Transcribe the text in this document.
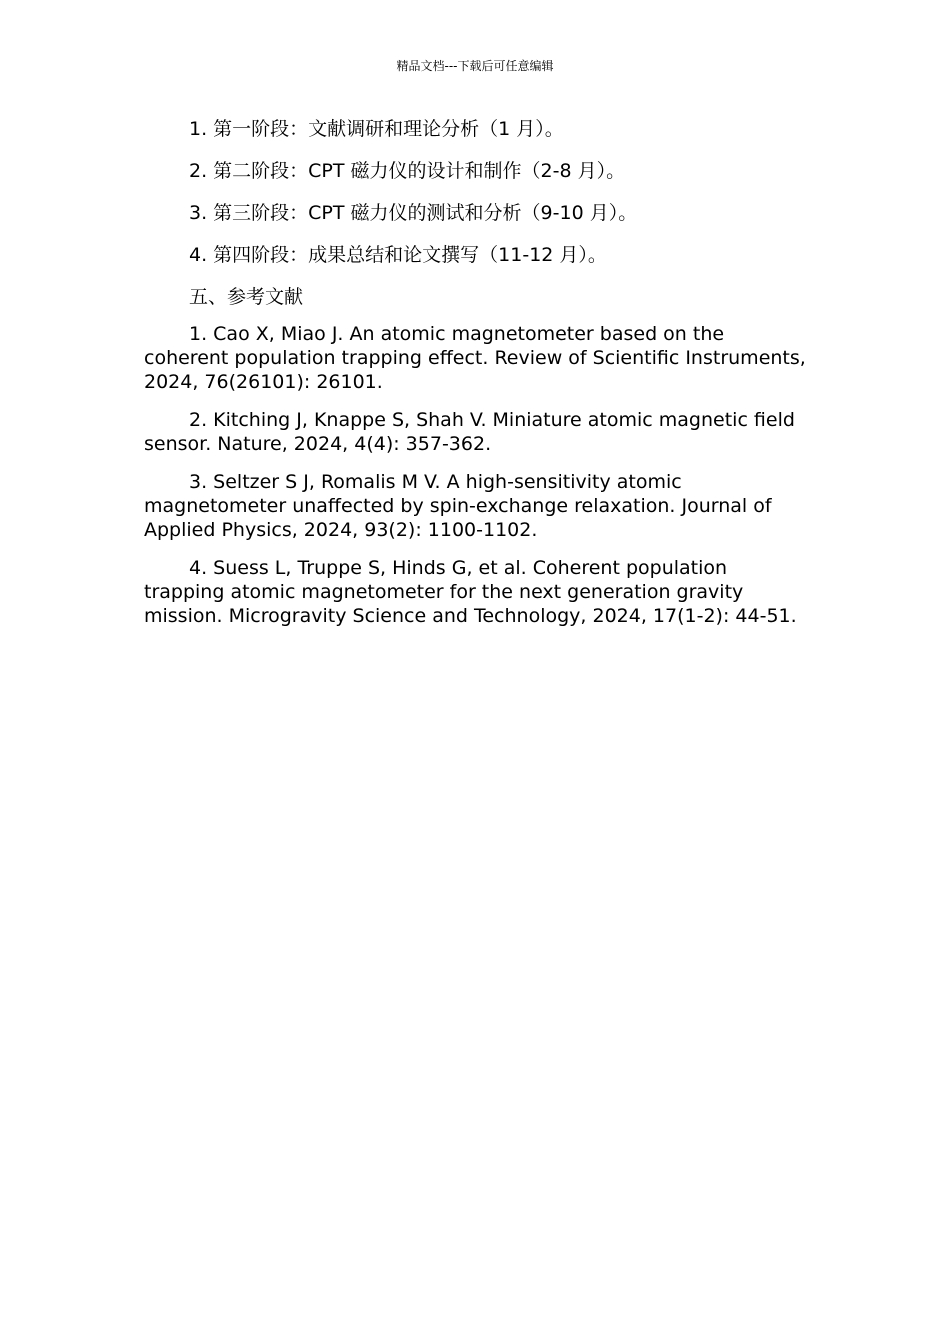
精品文档---下载后可任意编辑

1. 第一阶段：文献调研和理论分析（1 月）。

2. 第二阶段：CPT 磁力仪的设计和制作（2-8 月）。

3. 第三阶段：CPT 磁力仪的测试和分析（9-10 月）。

4. 第四阶段：成果总结和论文撰写（11-12 月）。

五、参考文献

1. Cao X, Miao J. An atomic magnetometer based on the coherent population trapping effect. Review of Scientific Instruments, 2024, 76(26101): 26101.

2. Kitching J, Knappe S, Shah V. Miniature atomic magnetic field sensor. Nature, 2024, 4(4): 357-362.

3. Seltzer S J, Romalis M V. A high-sensitivity atomic magnetometer unaffected by spin-exchange relaxation. Journal of Applied Physics, 2024, 93(2): 1100-1102.

4. Suess L, Truppe S, Hinds G, et al. Coherent population trapping atomic magnetometer for the next generation gravity mission. Microgravity Science and Technology, 2024, 17(1-2): 44-51.
